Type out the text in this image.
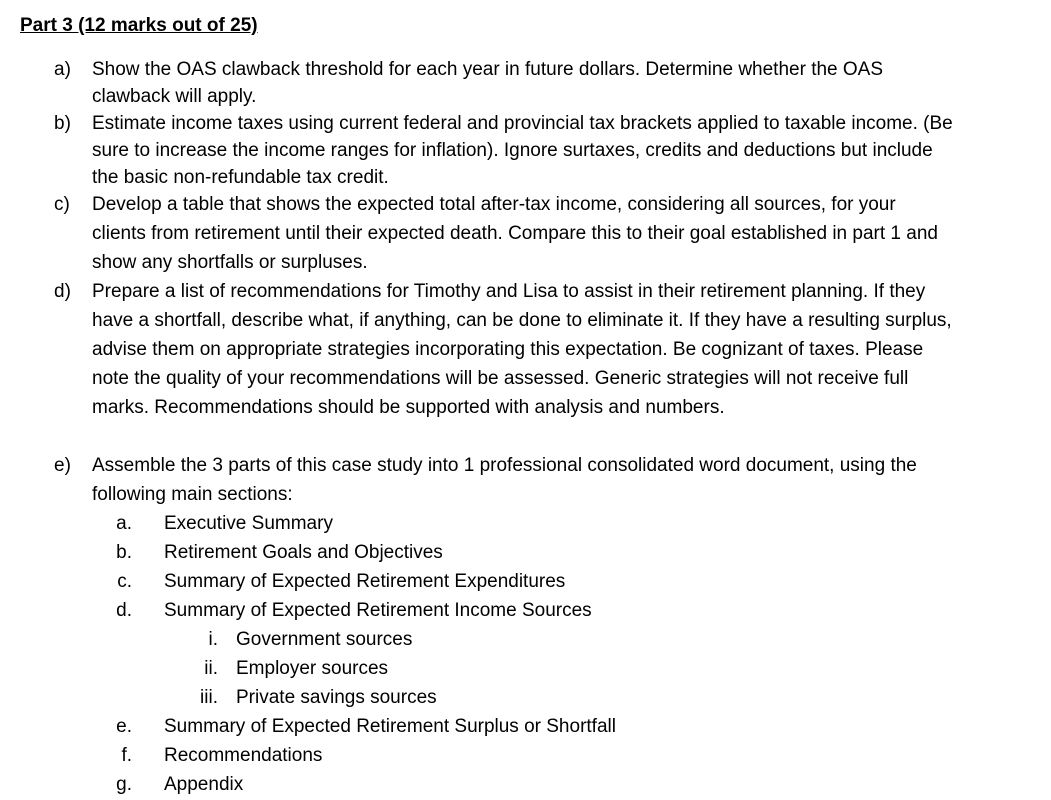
Part 3 (12 marks out of 25)
a)	Show the OAS clawback threshold for each year in future dollars. Determine whether the OAS clawback will apply.
b)	Estimate income taxes using current federal and provincial tax brackets applied to taxable income. (Be sure to increase the income ranges for inflation). Ignore surtaxes, credits and deductions but include the basic non-refundable tax credit.
c)	Develop a table that shows the expected total after-tax income, considering all sources, for your clients from retirement until their expected death. Compare this to their goal established in part 1 and show any shortfalls or surpluses.
d)	Prepare a list of recommendations for Timothy and Lisa to assist in their retirement planning. If they have a shortfall, describe what, if anything, can be done to eliminate it. If they have a resulting surplus, advise them on appropriate strategies incorporating this expectation. Be cognizant of taxes. Please note the quality of your recommendations will be assessed. Generic strategies will not receive full marks. Recommendations should be supported with analysis and numbers.
e)	Assemble the 3 parts of this case study into 1 professional consolidated word document, using the following main sections:
a.	Executive Summary
b.	Retirement Goals and Objectives
c.	Summary of Expected Retirement Expenditures
d.	Summary of Expected Retirement Income Sources
i. Government sources
ii. Employer sources
iii. Private savings sources
e.	Summary of Expected Retirement Surplus or Shortfall
f.	Recommendations
g.	Appendix
